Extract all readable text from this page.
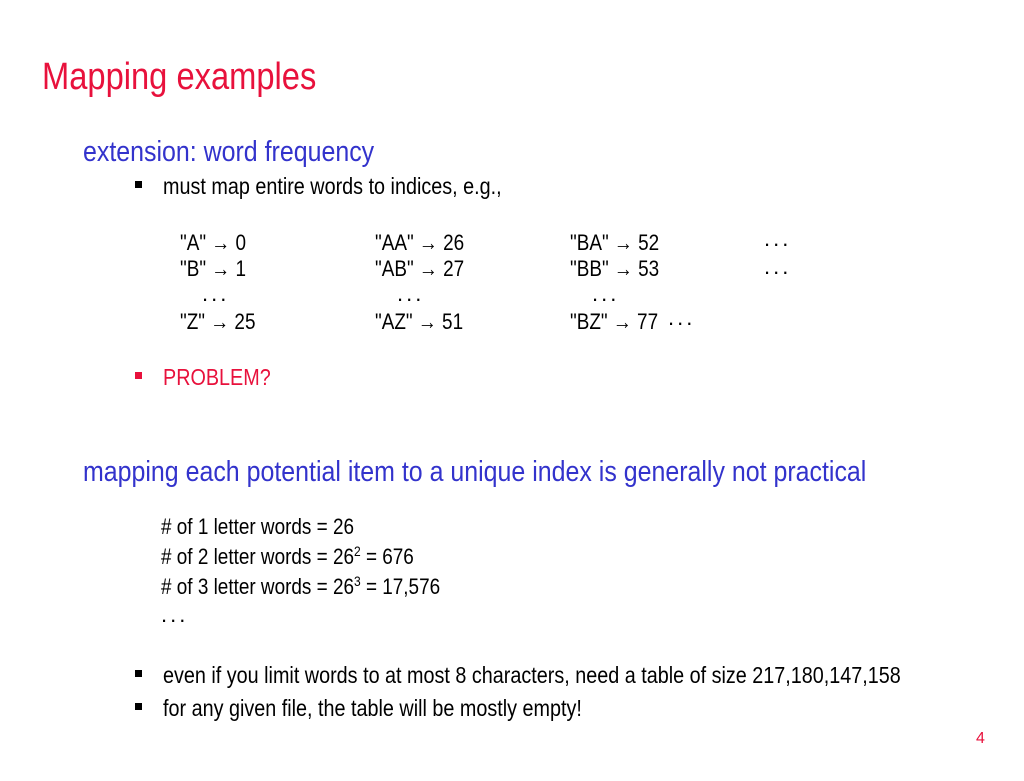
Mapping examples
extension: word frequency
must map entire words to indices, e.g.,
"A" → 0
"B" → 1
...
"Z" → 25
"AA" → 26
"AB" → 27
...
"AZ" → 51
"BA" → 52
"BB" → 53
...
"BZ" → 77 ...
...
...
PROBLEM?
mapping each potential item to a unique index is generally not practical
# of 1 letter words = 26
# of 2 letter words = $26^2 = 676$
# of 3 letter words = $26^3 = 17,576$
...
even if you limit words to at most 8 characters, need a table of size 217,180,147,158
for any given file, the table will be mostly empty!
4
